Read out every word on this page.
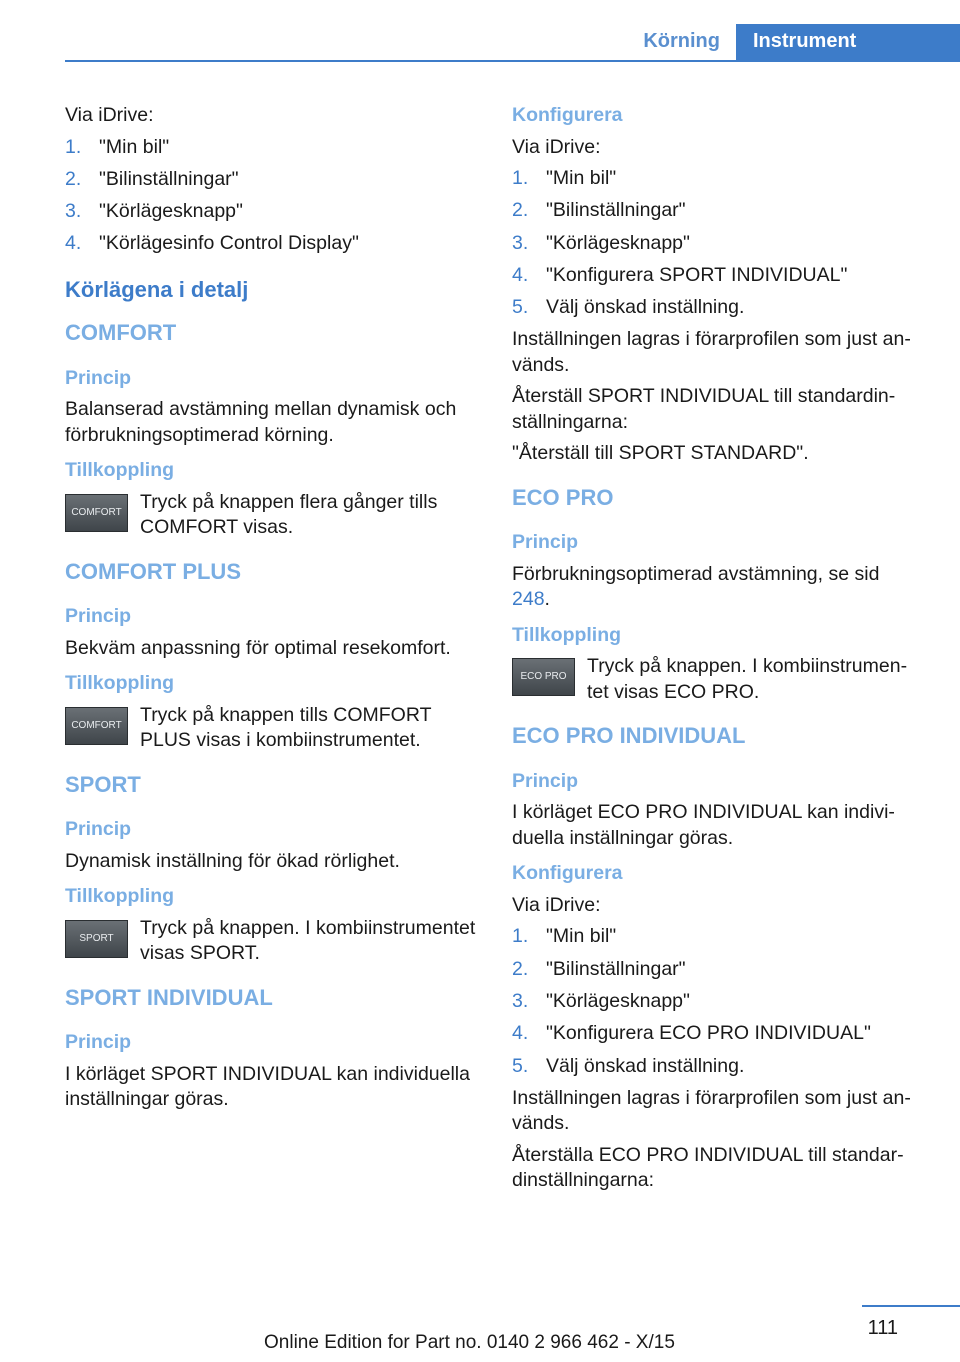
Körning	Instrument

Via iDrive:

1. "Min bil"
2. "Bilinställningar"
3. "Körlägesknapp"
4. "Körlägesinfo Control Display"
Körlägena i detalj
COMFORT
Princip

Balanserad avstämning mellan dynamisk och förbrukningsoptimerad körning.

Tillkoppling
COMFORT Tryck på knappen flera gånger tills COMFORT visas.
COMFORT PLUS
Princip

Bekväm anpassning för optimal resekomfort.

Tillkoppling
COMFORT Tryck på knappen tills COMFORT PLUS visas i kombiinstrumentet.
SPORT
Princip

Dynamisk inställning för ökad rörlighet.

Tillkoppling
SPORT	Tryck på knappen. I kombiinstrumentet visas SPORT.
SPORT INDIVIDUAL
Princip

I körläget SPORT INDIVIDUAL kan individuella inställningar göras.

Konfigurera

Via iDrive:

1. "Min bil"
2. "Bilinställningar"
3. "Körlägesknapp"
4. "Konfigurera SPORT INDIVIDUAL"
5. Välj önskad inställning.

Inställningen lagras i förarprofilen som just används.

Återställ SPORT INDIVIDUAL till standardinställningarna:

"Återställ till SPORT STANDARD".

ECO PRO
Princip

Förbrukningsoptimerad avstämning, se sid 248.

Tillkoppling
ECO PRO	Tryck på knappen. I kombiinstrumentet visas ECO PRO.
ECO PRO INDIVIDUAL
Princip

I körläget ECO PRO INDIVIDUAL kan individuella inställningar göras.

Konfigurera

Via iDrive:

1. "Min bil"
2. "Bilinställningar"
3. "Körlägesknapp"
4. "Konfigurera ECO PRO INDIVIDUAL"
5. Välj önskad inställning.

Inställningen lagras i förarprofilen som just används.

Återställa ECO PRO INDIVIDUAL till standardinställningarna:

111
Online Edition for Part no. 0140 2 966 462 - X/15
